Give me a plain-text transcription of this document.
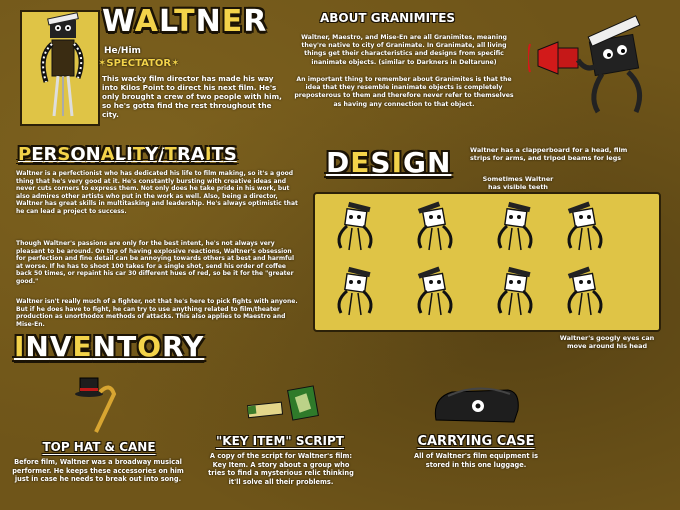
WALTNER
He/Him
✶SPECTATOR✶
This wacky film director has made his way into Kilos Point to direct his next film. He's only brought a crew of two people with him, so he's gotta find the rest throughout the city.
ABOUT GRANIMITES
Waltner, Maestro, and Mise-En are all Granimites, meaning they're native to city of Granimate. In Granimate, all living things get their characteristics and designs from specific inanimate objects. (similar to Darkners in Deltarune)
An important thing to remember about Granimites is that the idea that they resemble inanimate objects is completely preposterous to them and therefore never refer to themselves as having any connection to that object.
PERSONALITY/TRAITS
Waltner is a perfectionist who has dedicated his life to film making, so it's a good thing that he's very good at it. He's constantly bursting with creative ideas and never cuts corners to express them. Not only does he take pride in his work, but also admires other artists who put in the work as well. Also, being a director, Waltner has great skills in multitasking and leadership. He's always optimistic that he can lead a project to success.
Though Waltner's passions are only for the best intent, he's not always very pleasant to be around. On top of having explosive reactions, Waltner's obsession for perfection and fine detail can be annoying towards others at best and harmful at worse. If he has to shoot 100 takes for a single shot, send his order of coffee back 50 times, or repaint his car 30 different hues of red, so be it for the "greater good."
Waltner isn't really much of a fighter, not that he's here to pick fights with anyone. But if he does have to fight, he can try to use anything related to film/theater production as unorthodox methods of attacks. This also applies to Maestro and Mise-En.
DESIGN	Waltner has a clapperboard for a head, film strips for arms, and tripod beams for legs
Sometimes Waltner has visible teeth
Waltner's googly eyes can move around his head
INVENTORY
TOP HAT & CANE
Before film, Waltner was a broadway musical performer. He keeps these accessories on him just in case he needs to break out into song.
"KEY ITEM" SCRIPT
A copy of the script for Waltner's film: Key Item. A story about a group who tries to find a mysterious relic thinking it'll solve all their problems.
CARRYING CASE
All of Waltner's film equipment is stored in this one luggage.
